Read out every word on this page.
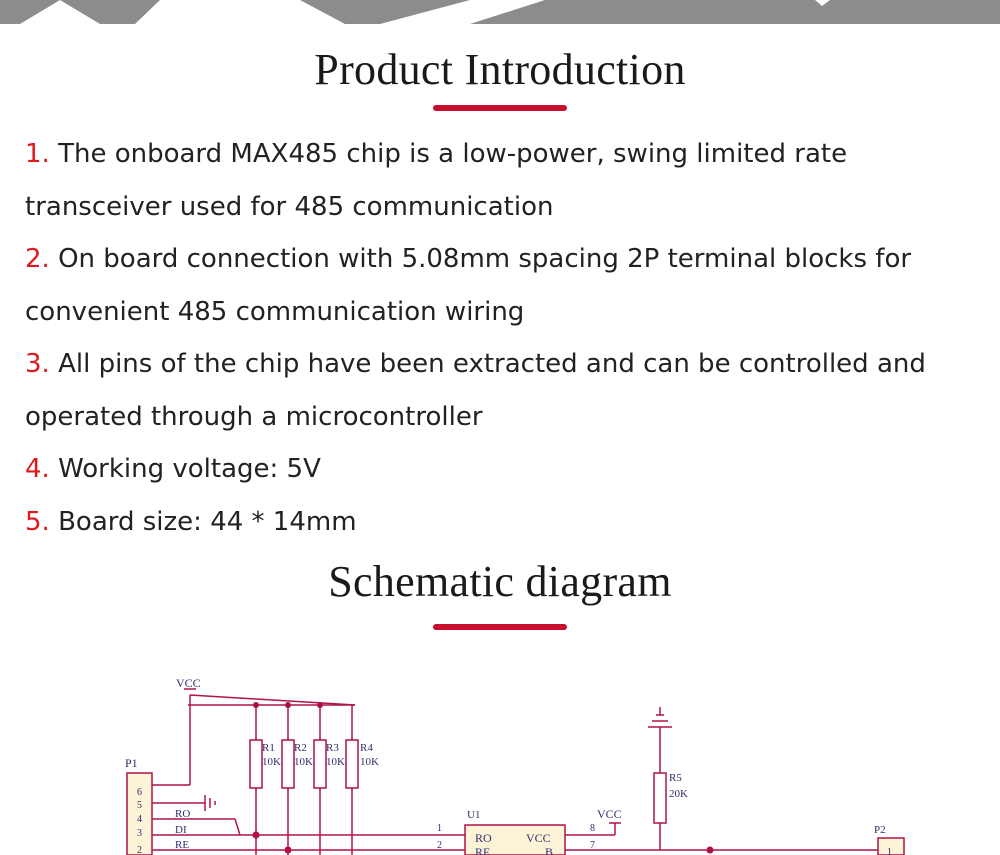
Product Introduction
1. The onboard MAX485 chip is a low-power, swing limited rate
transceiver used for 485 communication
2. On board connection with 5.08mm spacing 2P terminal blocks for
convenient 485 communication wiring
3. All pins of the chip have been extracted and can be controlled and
operated through a microcontroller
4. Working voltage: 5V
5. Board size: 44 * 14mm
Schematic diagram
VCC
P1
R1
10K
R2
10K
R3
10K
R4
10K
R5
20K
6
5
4
3
2
RO
DI
RE
U1
RO	VCC
RE	B
1
2
8
7
VCC
P2
1
